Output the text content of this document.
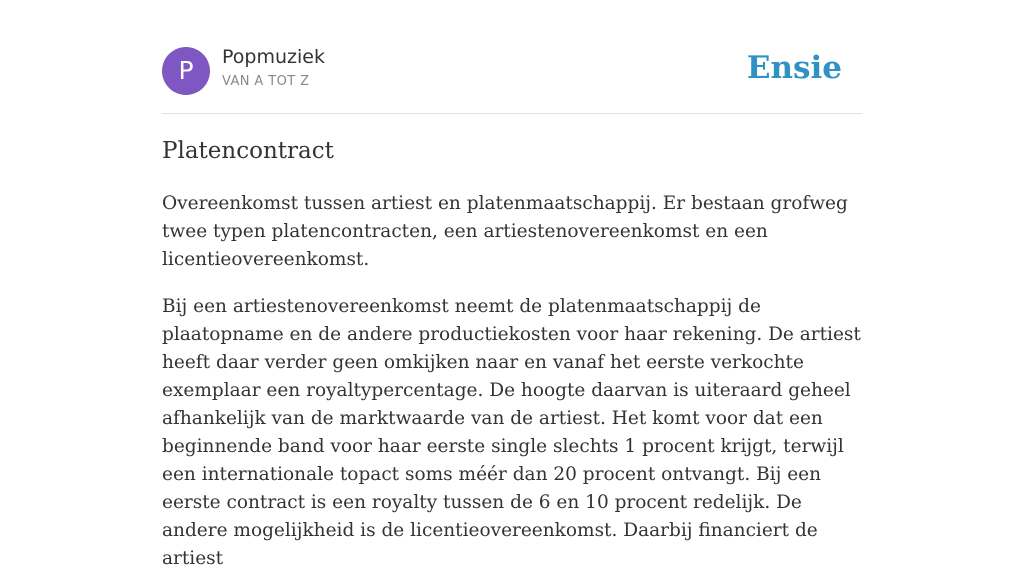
P	Popmuziek
VAN A TOT Z	Ensie
Platencontract

Overeenkomst tussen artiest en platenmaatschappij. Er bestaan grofweg twee typen platencontracten, een artiestenovereenkomst en een licentieovereenkomst.

Bij een artiestenovereenkomst neemt de platenmaatschappij de plaatopname en de andere productiekosten voor haar rekening. De artiest heeft daar verder geen omkijken naar en vanaf het eerste verkochte exemplaar een royaltypercentage. De hoogte daarvan is uiteraard geheel afhankelijk van de marktwaarde van de artiest. Het komt voor dat een beginnende band voor haar eerste single slechts 1 procent krijgt, terwijl een internationale topact soms méér dan 20 procent ontvangt. Bij een eerste contract is een royalty tussen de 6 en 10 procent redelijk. De andere mogelijkheid is de licentieovereenkomst. Daarbij financiert de artiest
